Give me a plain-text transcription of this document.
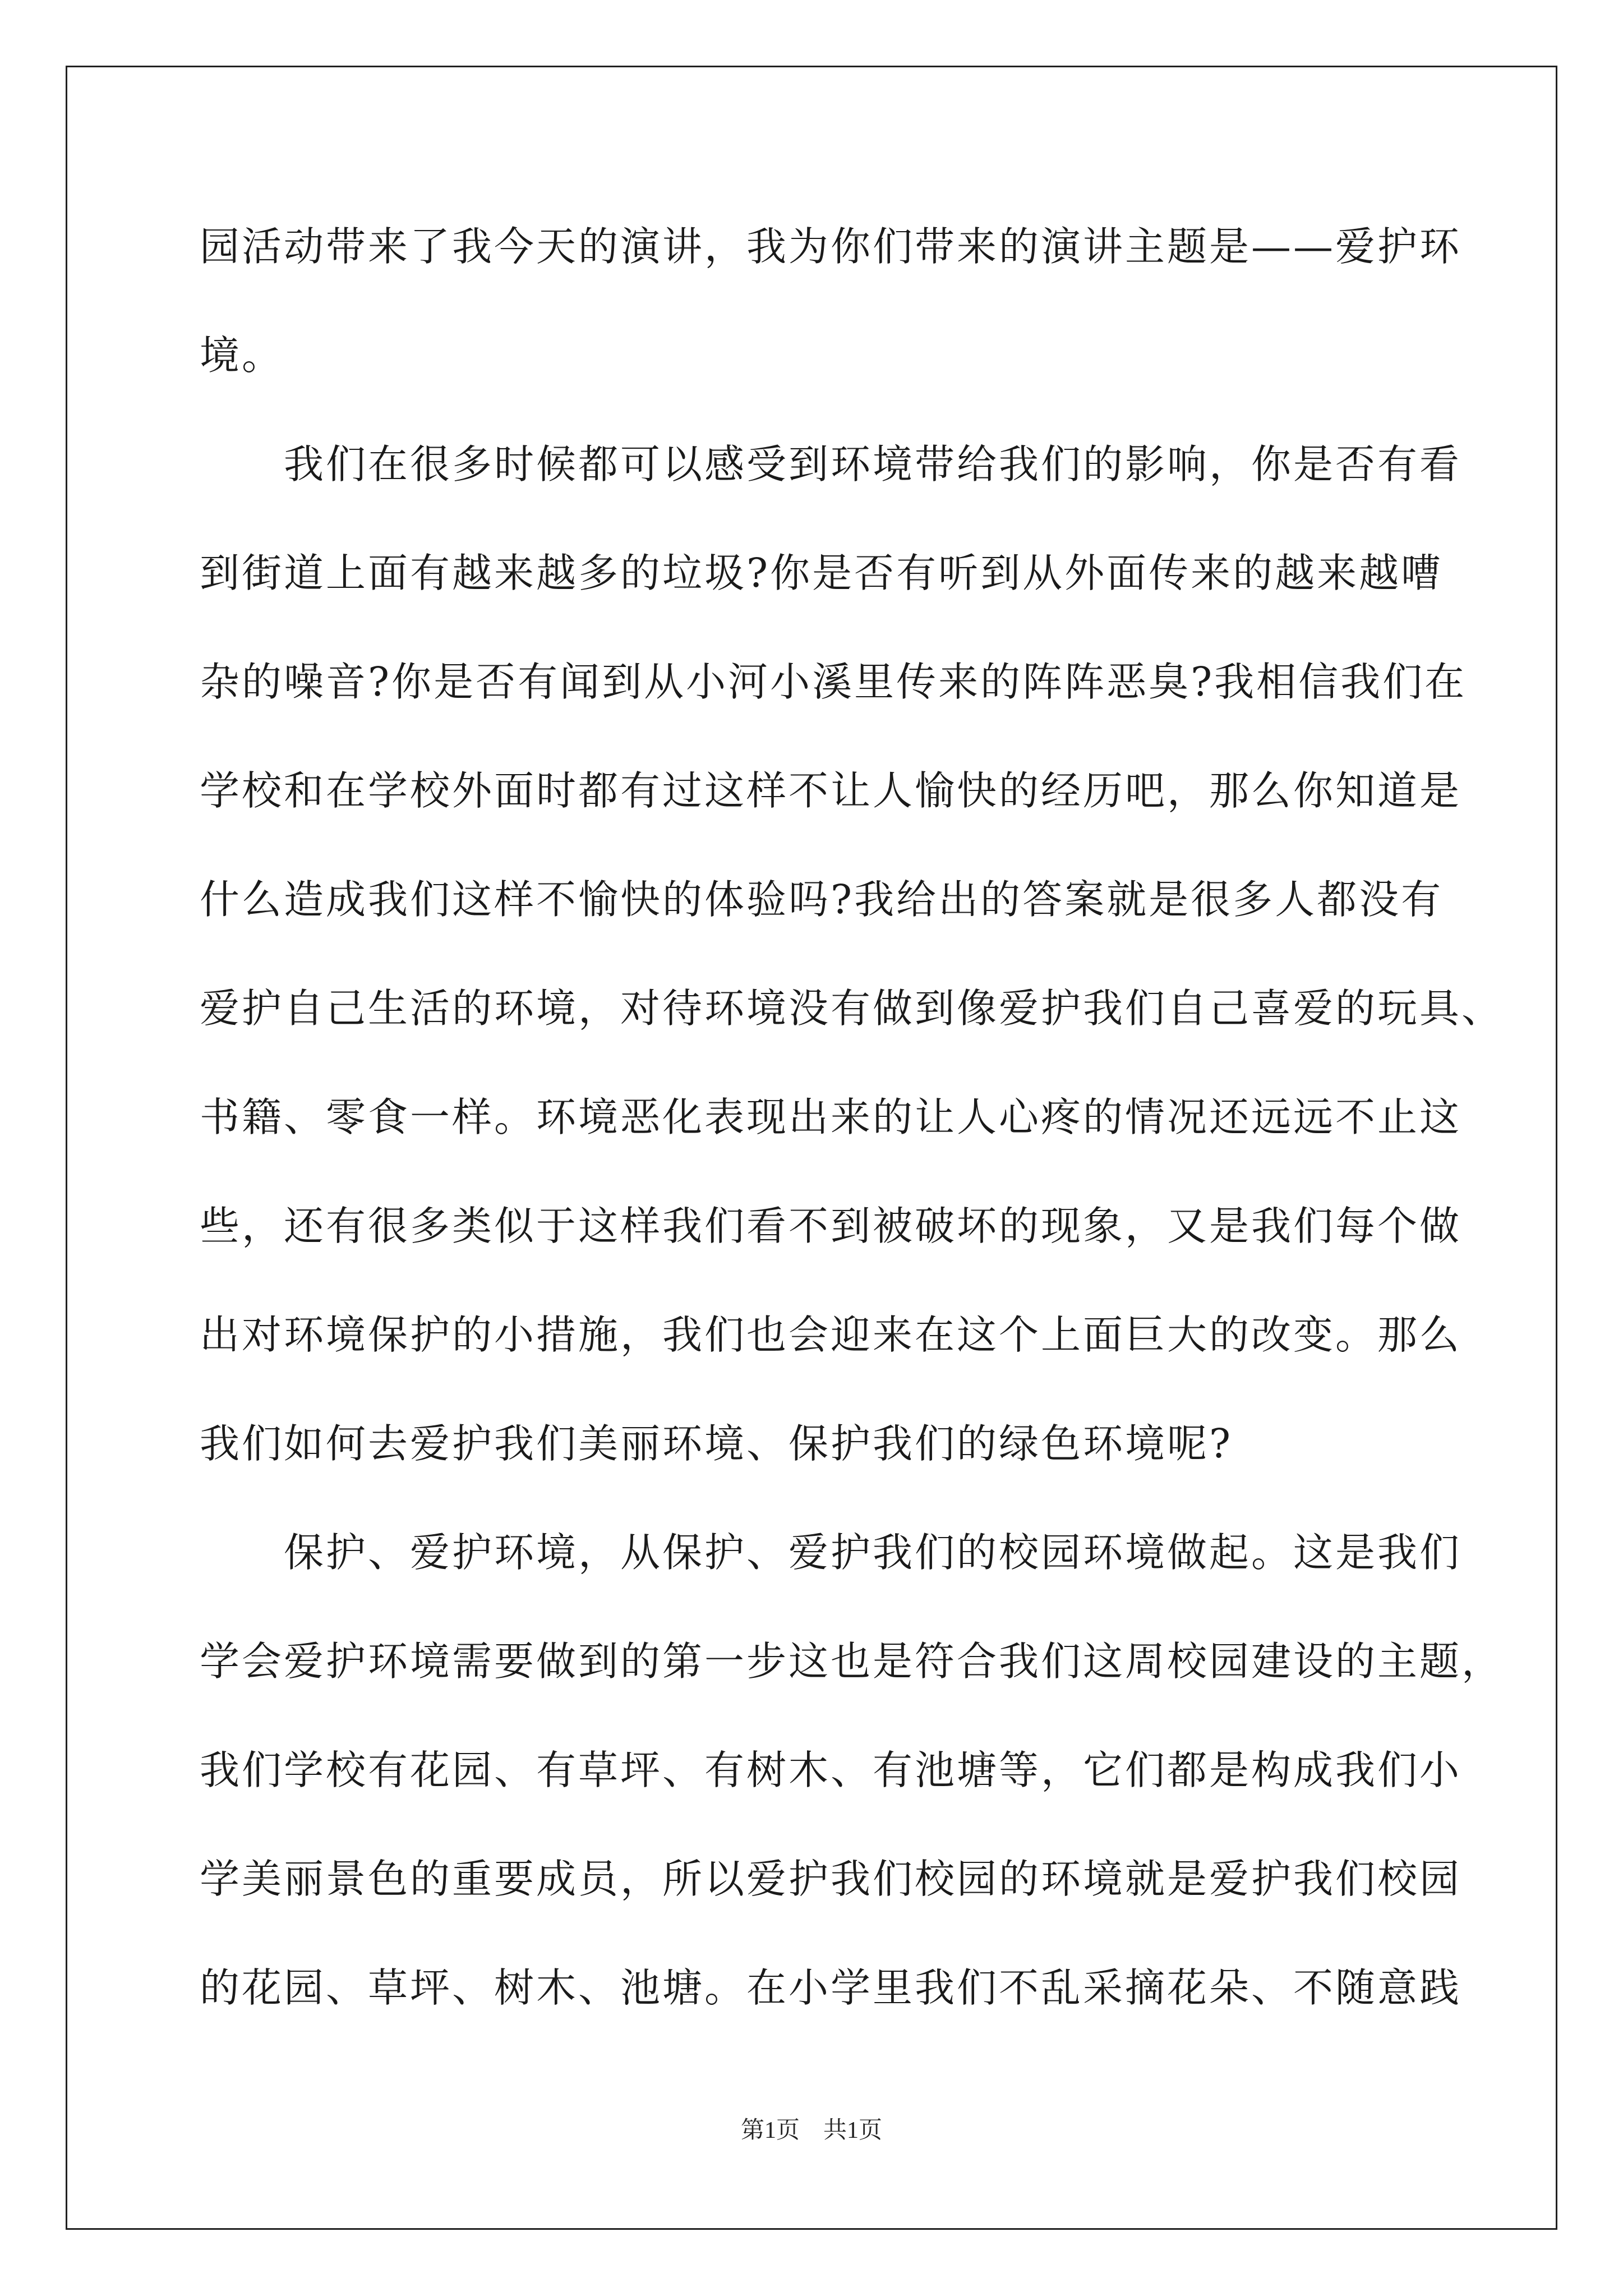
园活动带来了我今天的演讲，我为你们带来的演讲主题是——爱护环
境。
　　我们在很多时候都可以感受到环境带给我们的影响，你是否有看
到街道上面有越来越多的垃圾?你是否有听到从外面传来的越来越嘈
杂的噪音?你是否有闻到从小河小溪里传来的阵阵恶臭?我相信我们在
学校和在学校外面时都有过这样不让人愉快的经历吧，那么你知道是
什么造成我们这样不愉快的体验吗?我给出的答案就是很多人都没有
爱护自己生活的环境，对待环境没有做到像爱护我们自己喜爱的玩具、
书籍、零食一样。环境恶化表现出来的让人心疼的情况还远远不止这
些，还有很多类似于这样我们看不到被破坏的现象，又是我们每个做
出对环境保护的小措施，我们也会迎来在这个上面巨大的改变。那么
我们如何去爱护我们美丽环境、保护我们的绿色环境呢?
　　保护、爱护环境，从保护、爱护我们的校园环境做起。这是我们
学会爱护环境需要做到的第一步这也是符合我们这周校园建设的主题，
我们学校有花园、有草坪、有树木、有池塘等，它们都是构成我们小
学美丽景色的重要成员，所以爱护我们校园的环境就是爱护我们校园
的花园、草坪、树木、池塘。在小学里我们不乱采摘花朵、不随意践
第1页 共1页
